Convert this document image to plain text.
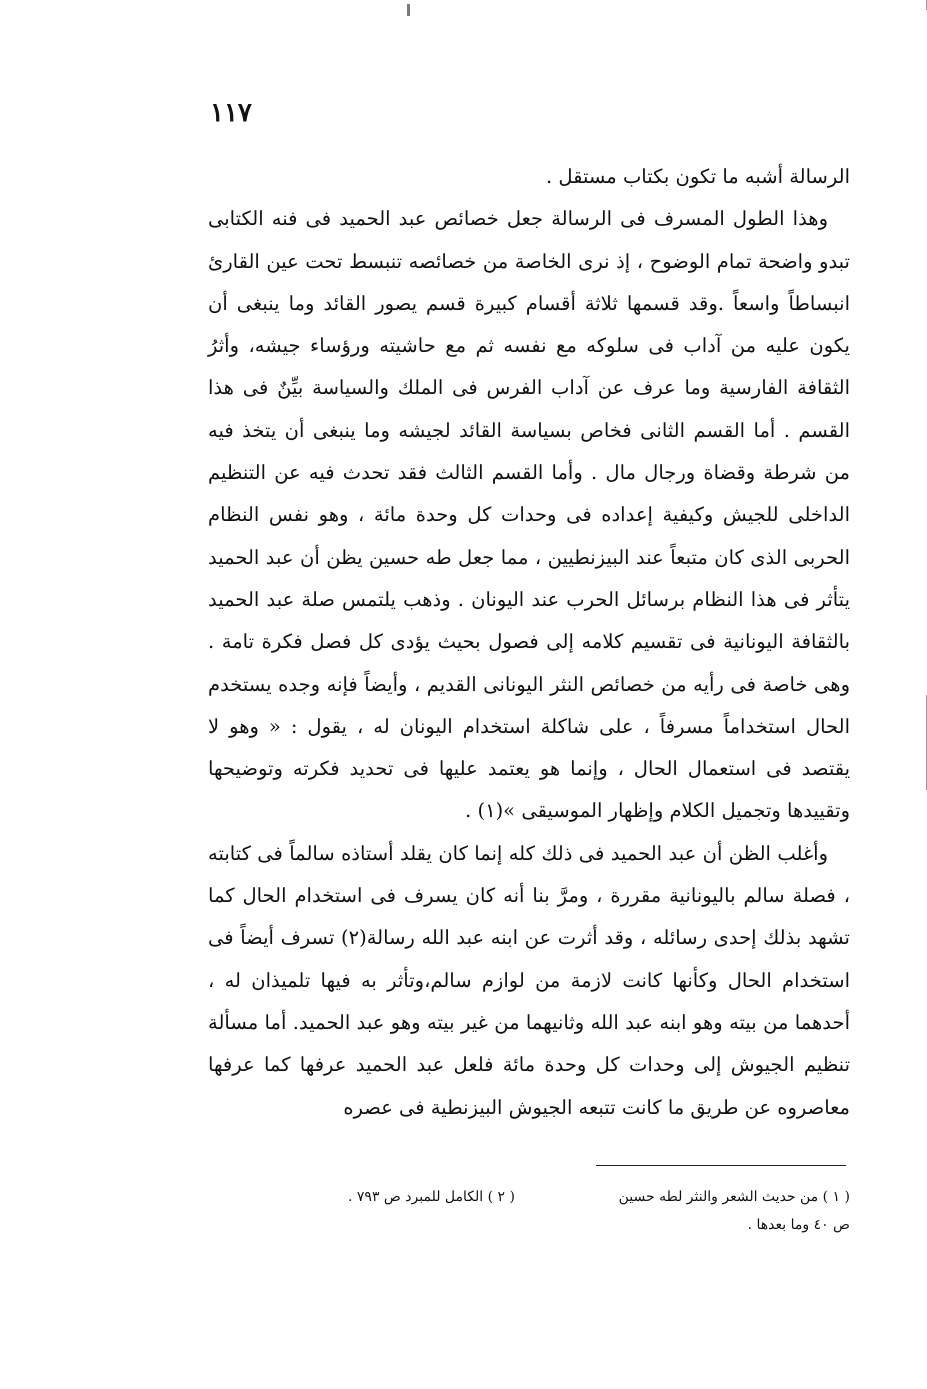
١١٧

الرسالة أشبه ما تكون بكتاب مستقل .

وهذا الطول المسرف فى الرسالة جعل خصائص عبد الحميد فى فنه الكتابى تبدو واضحة تمام الوضوح ، إذ نرى الخاصة من خصائصه تنبسط تحت عين القارئ انبساطاً واسعاً .وقد قسمها ثلاثة أقسام كبيرة قسم يصور القائد وما ينبغى أن يكون عليه من آداب فى سلوكه مع نفسه ثم مع حاشيته ورؤساء جيشه، وأثرُ الثقافة الفارسية وما عرف عن آداب الفرس فى الملك والسياسة بيِّنٌ فى هذا القسم . أما القسم الثانى فخاص بسياسة القائد لجيشه وما ينبغى أن يتخذ فيه من شرطة وقضاة ورجال مال . وأما القسم الثالث فقد تحدث فيه عن التنظيم الداخلى للجيش وكيفية إعداده فى وحدات كل وحدة مائة ، وهو نفس النظام الحربى الذى كان متبعاً عند البيزنطيين ، مما جعل طه حسين يظن أن عبد الحميد يتأثر فى هذا النظام برسائل الحرب عند اليونان . وذهب يلتمس صلة عبد الحميد بالثقافة اليونانية فى تقسيم كلامه إلى فصول بحيث يؤدى كل فصل فكرة تامة . وهى خاصة فى رأيه من خصائص النثر اليونانى القديم ، وأيضاً فإنه وجده يستخدم الحال استخداماً مسرفاً ، على شاكلة استخدام اليونان له ، يقول : « وهو لا يقتصد فى استعمال الحال ، وإنما هو يعتمد عليها فى تحديد فكرته وتوضيحها وتقييدها وتجميل الكلام وإظهار الموسيقى »(١) .

وأغلب الظن أن عبد الحميد فى ذلك كله إنما كان يقلد أستاذه سالماً فى كتابته ، فصلة سالم باليونانية مقررة ، ومرَّ بنا أنه كان يسرف فى استخدام الحال كما تشهد بذلك إحدى رسائله ، وقد أثرت عن ابنه عبد الله رسالة(٢) تسرف أيضاً فى استخدام الحال وكأنها كانت لازمة من لوازم سالم،وتأثر به فيها تلميذان له ، أحدهما من بيته وهو ابنه عبد الله وثانيهما من غير بيته وهو عبد الحميد. أما مسألة تنظيم الجيوش إلى وحدات كل وحدة مائة فلعل عبد الحميد عرفها كما عرفها معاصروه عن طريق ما كانت تتبعه الجيوش البيزنطية فى عصره

( ١ ) من حديث الشعر والنثر لطه حسين
( ٢ ) الكامل للمبرد ص ٧٩٣ .
ص ٤٠ وما بعدها .
